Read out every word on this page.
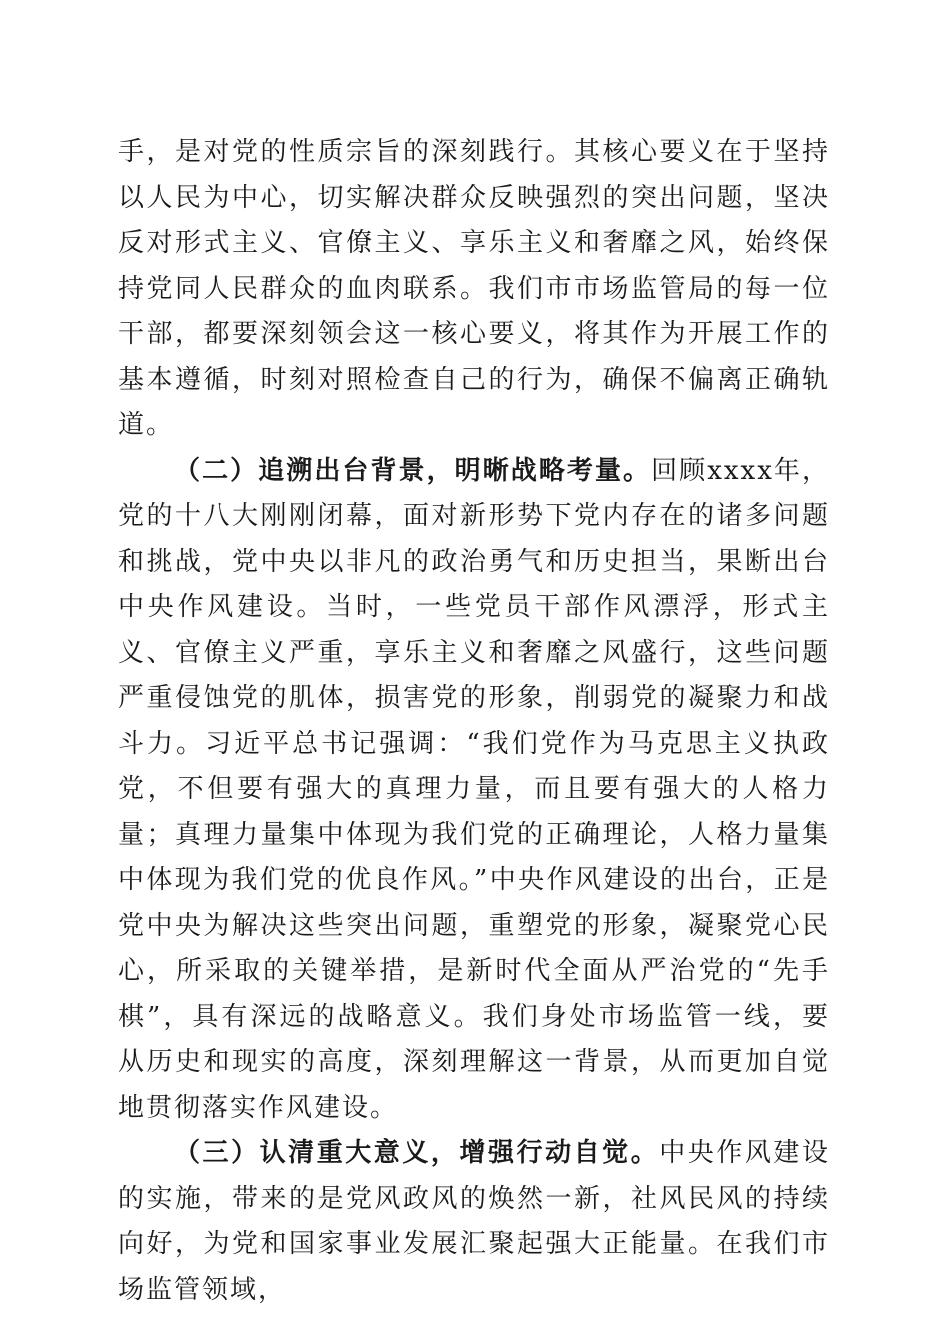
手，是对党的性质宗旨的深刻践行。其核心要义在于坚持以人民为中心，切实解决群众反映强烈的突出问题，坚决反对形式主义、官僚主义、享乐主义和奢靡之风，始终保持党同人民群众的血肉联系。我们市市场监管局的每一位干部，都要深刻领会这一核心要义，将其作为开展工作的基本遵循，时刻对照检查自己的行为，确保不偏离正确轨道。

（二）追溯出台背景，明晰战略考量。回顾xxxx年，党的十八大刚刚闭幕，面对新形势下党内存在的诸多问题和挑战，党中央以非凡的政治勇气和历史担当，果断出台中央作风建设。当时，一些党员干部作风漂浮，形式主义、官僚主义严重，享乐主义和奢靡之风盛行，这些问题严重侵蚀党的肌体，损害党的形象，削弱党的凝聚力和战斗力。习近平总书记强调：“我们党作为马克思主义执政党，不但要有强大的真理力量，而且要有强大的人格力量；真理力量集中体现为我们党的正确理论，人格力量集中体现为我们党的优良作风。”中央作风建设的出台，正是党中央为解决这些突出问题，重塑党的形象，凝聚党心民心，所采取的关键举措，是新时代全面从严治党的“先手棋”，具有深远的战略意义。我们身处市场监管一线，要从历史和现实的高度，深刻理解这一背景，从而更加自觉地贯彻落实作风建设。

（三）认清重大意义，增强行动自觉。中央作风建设的实施，带来的是党风政风的焕然一新，社风民风的持续向好，为党和国家事业发展汇聚起强大正能量。在我们市场监管领域，
